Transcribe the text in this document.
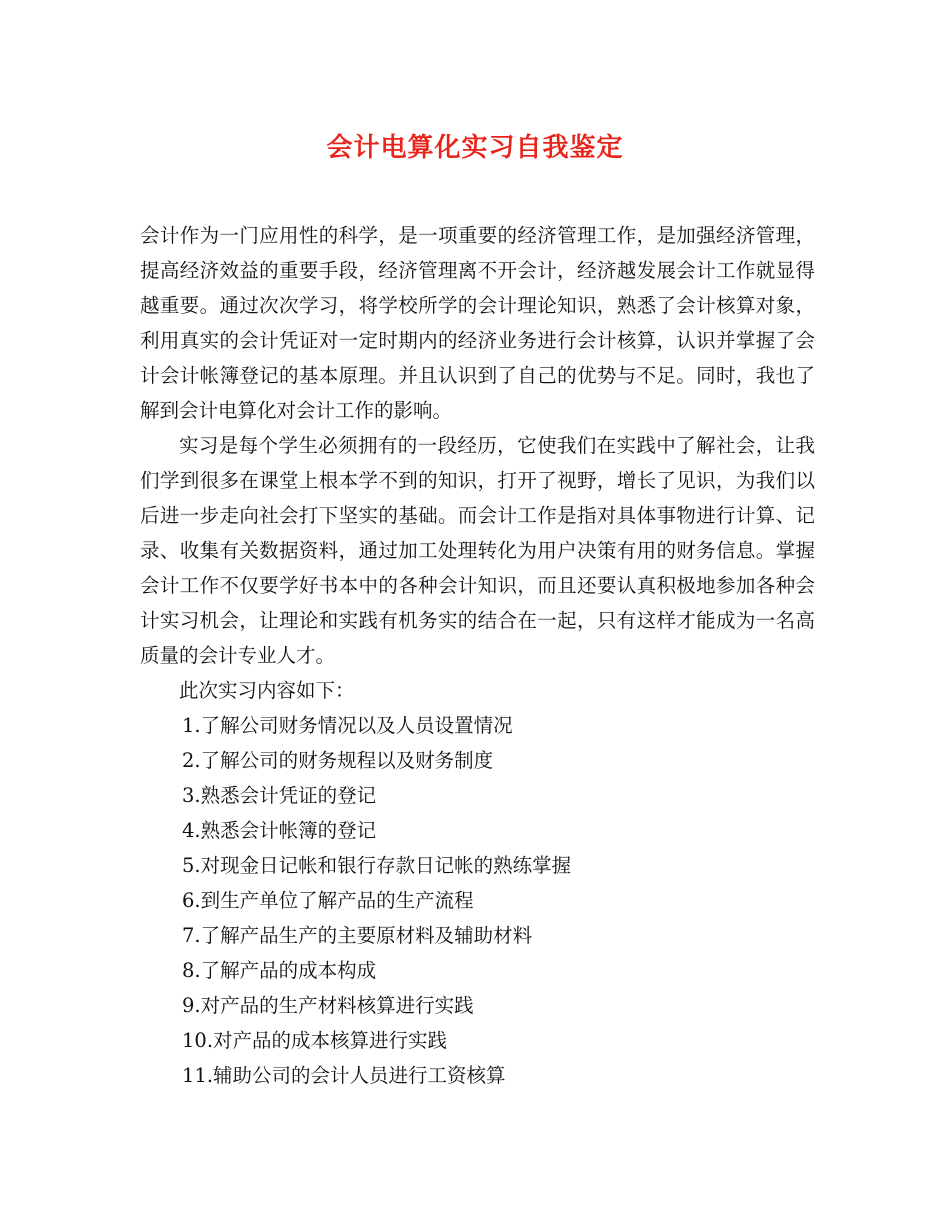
会计电算化实习自我鉴定

会计作为一门应用性的科学，是一项重要的经济管理工作，是加强经济管理，提高经济效益的重要手段，经济管理离不开会计，经济越发展会计工作就显得越重要。通过次次学习，将学校所学的会计理论知识，熟悉了会计核算对象，利用真实的会计凭证对一定时期内的经济业务进行会计核算，认识并掌握了会计会计帐簿登记的基本原理。并且认识到了自己的优势与不足。同时，我也了解到会计电算化对会计工作的影响。

实习是每个学生必须拥有的一段经历，它使我们在实践中了解社会，让我们学到很多在课堂上根本学不到的知识，打开了视野，增长了见识，为我们以后进一步走向社会打下坚实的基础。而会计工作是指对具体事物进行计算、记录、收集有关数据资料，通过加工处理转化为用户决策有用的财务信息。掌握会计工作不仅要学好书本中的各种会计知识，而且还要认真积极地参加各种会计实习机会，让理论和实践有机务实的结合在一起，只有这样才能成为一名高质量的会计专业人才。

此次实习内容如下：

1.了解公司财务情况以及人员设置情况
2.了解公司的财务规程以及财务制度
3.熟悉会计凭证的登记
4.熟悉会计帐簿的登记
5.对现金日记帐和银行存款日记帐的熟练掌握
6.到生产单位了解产品的生产流程
7.了解产品生产的主要原材料及辅助材料
8.了解产品的成本构成
9.对产品的生产材料核算进行实践
10.对产品的成本核算进行实践
11.辅助公司的会计人员进行工资核算
